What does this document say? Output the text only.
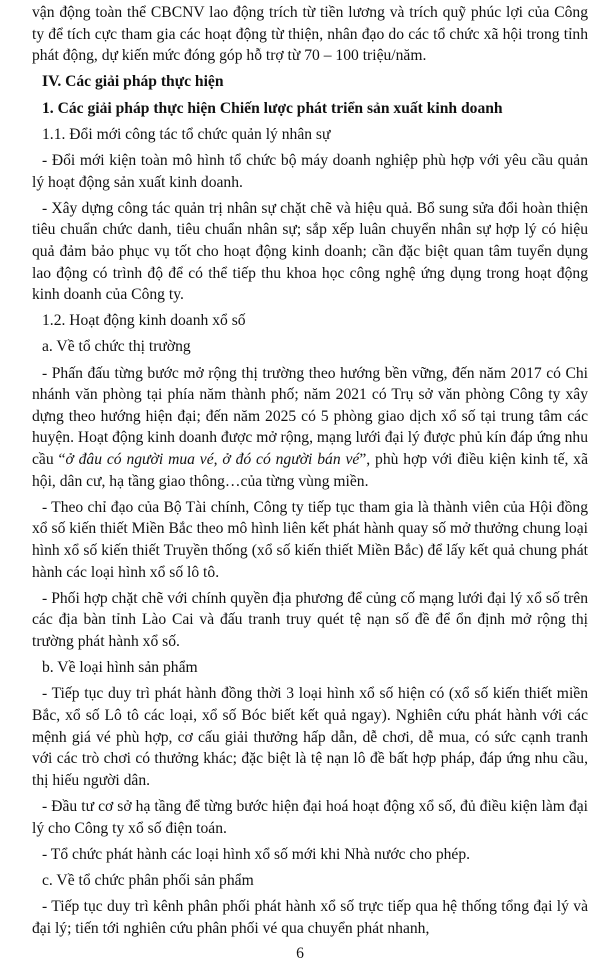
vận động toàn thể CBCNV lao động trích từ tiền lương và trích quỹ phúc lợi của Công ty để tích cực tham gia các hoạt động từ thiện, nhân đạo do các tổ chức xã hội trong tỉnh phát động, dự kiến mức đóng góp hỗ trợ từ 70 – 100 triệu/năm.

IV. Các giải pháp thực hiện

1. Các giải pháp thực hiện Chiến lược phát triển sản xuất kinh doanh

1.1. Đổi mới công tác tổ chức quản lý nhân sự

- Đổi mới kiện toàn mô hình tổ chức bộ máy doanh nghiệp phù hợp với yêu cầu quản lý hoạt động sản xuất kinh doanh.

- Xây dựng công tác quản trị nhân sự chặt chẽ và hiệu quả. Bổ sung sửa đổi hoàn thiện tiêu chuẩn chức danh, tiêu chuẩn nhân sự; sắp xếp luân chuyển nhân sự hợp lý có hiệu quả đảm bảo phục vụ tốt cho hoạt động kinh doanh; cần đặc biệt quan tâm tuyển dụng lao động có trình độ để có thể tiếp thu khoa học công nghệ ứng dụng trong hoạt động kinh doanh của Công ty.

1.2. Hoạt động kinh doanh xổ số

a. Về tổ chức thị trường

- Phấn đấu từng bước mở rộng thị trường theo hướng bền vững, đến năm 2017 có Chi nhánh văn phòng tại phía năm thành phố; năm 2021 có Trụ sở văn phòng Công ty xây dựng theo hướng hiện đại; đến năm 2025 có 5 phòng giao dịch xổ số tại trung tâm các huyện. Hoạt động kinh doanh được mở rộng, mạng lưới đại lý được phủ kín đáp ứng nhu cầu “ở đâu có người mua vé, ở đó có người bán vé”, phù hợp với điều kiện kinh tế, xã hội, dân cư, hạ tầng giao thông…của từng vùng miền.

- Theo chỉ đạo của Bộ Tài chính, Công ty tiếp tục tham gia là thành viên của Hội đồng xổ số kiến thiết Miền Bắc theo mô hình liên kết phát hành quay số mở thưởng chung loại hình xổ số kiến thiết Truyền thống (xổ số kiến thiết Miền Bắc) để lấy kết quả chung phát hành các loại hình xổ số lô tô.

- Phối hợp chặt chẽ với chính quyền địa phương để củng cố mạng lưới đại lý xổ số trên các địa bàn tỉnh Lào Cai và đấu tranh truy quét tệ nạn số đề để ổn định mở rộng thị trường phát hành xổ số.

b. Về loại hình sản phẩm

- Tiếp tục duy trì phát hành đồng thời 3 loại hình xổ số hiện có (xổ số kiến thiết miền Bắc, xổ số Lô tô các loại, xổ số Bóc biết kết quả ngay). Nghiên cứu phát hành với các mệnh giá vé phù hợp, cơ cấu giải thưởng hấp dẫn, dễ chơi, dễ mua, có sức cạnh tranh với các trò chơi có thưởng khác; đặc biệt là tệ nạn lô đề bất hợp pháp, đáp ứng nhu cầu, thị hiếu người dân.

- Đầu tư cơ sở hạ tầng để từng bước hiện đại hoá hoạt động xổ số, đủ điều kiện làm đại lý cho Công ty xổ số điện toán.

- Tổ chức phát hành các loại hình xổ số mới khi Nhà nước cho phép.

c. Về tổ chức phân phối sản phẩm

- Tiếp tục duy trì kênh phân phối phát hành xổ số trực tiếp qua hệ thống tổng đại lý và đại lý; tiến tới nghiên cứu phân phối vé qua chuyển phát nhanh,

6
